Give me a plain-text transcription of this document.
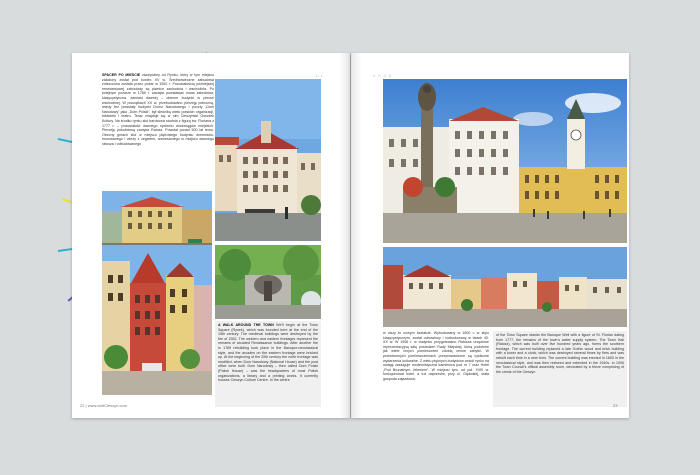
SPACER PO MIEŚCIE zaczynamy od Rynku, który w tym miejscu założony został pod koniec XV w. Średniowieczne zabudowa zniszczona została przez pożar w 1552 r. Pozostałością późniejszej renesansowej zabudowy są piwnice zachodnia i wschodnia. Po kolejnym pożarze w 1789 r. zaczęła powstawać nowa zabudowa, klasycystyczna, zamiast dawnej – obecne budynki w pierzei wschodniej. W początkach XX w. przebudowano pierzeję północną, wtedy też powstały budynki Domu Narodowego i poczty „Dom Narodowy” jako „Dom Polski”, był siedzibą wielu polskich organizacji, biblioteki i teatru. Teraz znajduje się w nim Cieszyński Ośrodek Kultury. Na środku rynku stoi barokowa studnia z figurą św. Floriana z 1777 r. – pozostałość dawnego systemu wodociągów miejskich. Pierzeję południową zamyka Ratusz. Powstał ponad 500 lat temu. Obecny gmach stoi w miejscu piętrowego budynku drewniano-murowanego i wieży z zegarem, wzniesionego w miejscu dawnego ratusza i odbudowanego
1/1
A WALK AROUND THE TOWN We'll begin at the Town Square (Rynek), which was founded here at the end of the 15th century. The medieval buildings were destroyed by the fire of 1552. The western and eastern frontages represent the remains of arcaded Renaissance buildings. After another fire in 1789 rebuilding took place in the Baroque-neoclassical style, and the arcades on the eastern frontage were bricked up. At the beginning of the 20th century the north frontage was modified, when Dom Narodowy (National House) and the post office were built. Dom Narodowy – then called Dom Polski (Polish House) – was the headquarters of most Polish organizations, a library and a printing works. It currently houses Cieszyn Culture Centre. In the centre
22 | www.visitCieszyn.com
2 0 0 8
w ciszy to nowym kształcie. Wybudowany w 1800 r. w stylu klasycystycznym, został odnowiony i rozbudowany w latach 40. XX w. W 1906 r. w budynku przygotowano Ratusza urzędowe reprezentacyjną salę posiedzeń Rady Miejskiej, którą podobnie jak wiele innych pomieszczeń zdobią cenne zabytki. W przestronnych pomieszczeniach przeprowadzone są cykliczne wydarzenia kulturalne. Z wielu pięknych budynków wokół rynku na uwagę zasługuje modernistyczna kamienica pod nr 7 oraz Hotel „Pod Brunatnym Jeleniem”. W miejscu tym, od poł. XVIII w. funkcjonował hotel, a tuż naprzeciw, przy ul. Głębokiej, stała gospoda zajazdowa.
of the Town Square stands the Baroque Well with a figure of St. Florian dating from 1777, the remains of the town's water supply system. The Town Hall (Ratusz), which was built over five hundred years ago, forms the southern frontage. The current building replaced a late Gothic wood and brick building with a tower and a clock, which was destroyed several times by fires and was rebuilt each time in a new form. The current building was erected in 1800 in the neoclassical style, and was then restored and extended in the 1940s. In 1906 the Town Council's official assembly room, decorated by a frieze comprising of the crests of the Cieszyn
23
